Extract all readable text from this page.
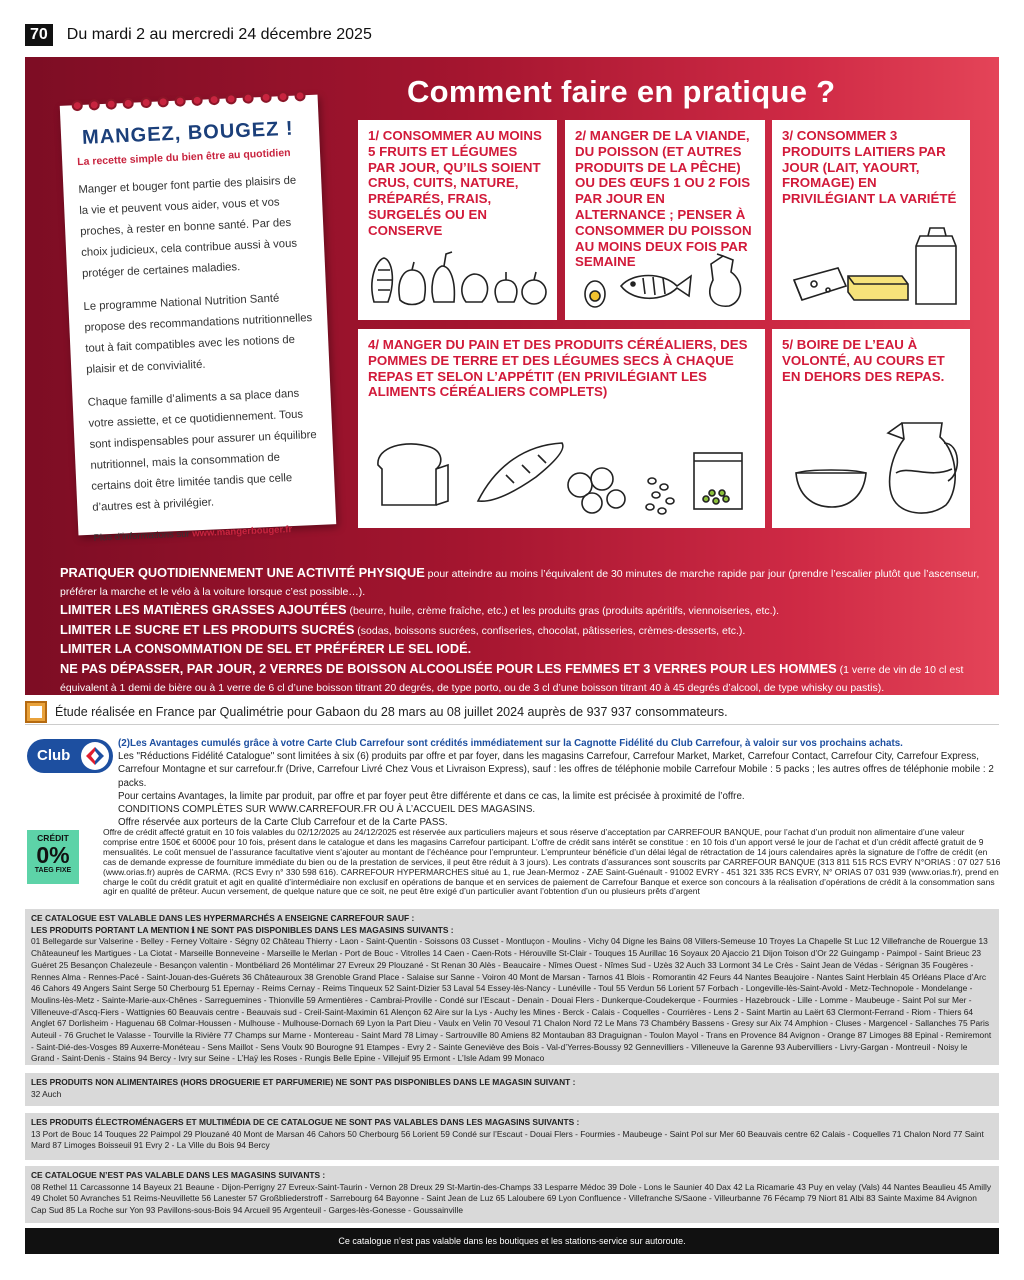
70	Du mardi 2 au mercredi 24 décembre 2025
Comment faire en pratique ?
MANGEZ, BOUGEZ !
La recette simple du bien être au quotidien

Manger et bouger font partie des plaisirs de la vie et peuvent vous aider, vous et vos proches, à rester en bonne santé. Par des choix judicieux, cela contribue aussi à vous protéger de certaines maladies.

Le programme National Nutrition Santé propose des recommandations nutritionnelles tout à fait compatibles avec les notions de plaisir et de convivialité.

Chaque famille d’aliments a sa place dans votre assiette, et ce quotidiennement. Tous sont indispensables pour assurer un équilibre nutritionnel, mais la consommation de certains doit être limitée tandis que celle d’autres est à privilégier.

Plus d’informations sur www.mangerbouger.fr

1/ CONSOMMER AU MOINS 5 FRUITS ET LÉGUMES PAR JOUR, QU’ILS SOIENT CRUS, CUITS, NATURE, PRÉPARÉS, FRAIS, SURGELÉS OU EN CONSERVE
2/ MANGER DE LA VIANDE, DU POISSON (ET AUTRES PRODUITS DE LA PÊCHE) OU DES ŒUFS 1 OU 2 FOIS PAR JOUR EN ALTERNANCE ; PENSER À CONSOMMER DU POISSON AU MOINS DEUX FOIS PAR SEMAINE
3/ CONSOMMER 3 PRODUITS LAITIERS PAR JOUR (LAIT, YAOURT, FROMAGE) EN PRIVILÉGIANT LA VARIÉTÉ
4/ MANGER DU PAIN ET DES PRODUITS CÉRÉALIERS, DES POMMES DE TERRE ET DES LÉGUMES SECS À CHAQUE REPAS ET SELON L’APPÉTIT (EN PRIVILÉGIANT LES ALIMENTS CÉRÉALIERS COMPLETS)
5/ BOIRE DE L’EAU À VOLONTÉ, AU COURS ET EN DEHORS DES REPAS.
PRATIQUER QUOTIDIENNEMENT UNE ACTIVITÉ PHYSIQUE pour atteindre au moins l’équivalent de 30 minutes de marche rapide par jour (prendre l’escalier plutôt que l’ascenseur, préférer la marche et le vélo à la voiture lorsque c’est possible…).
LIMITER LES MATIÈRES GRASSES AJOUTÉES (beurre, huile, crème fraîche, etc.) et les produits gras (produits apéritifs, viennoiseries, etc.).
LIMITER LE SUCRE ET LES PRODUITS SUCRÉS (sodas, boissons sucrées, confiseries, chocolat, pâtisseries, crèmes-desserts, etc.).
LIMITER LA CONSOMMATION DE SEL ET PRÉFÉRER LE SEL IODÉ.
NE PAS DÉPASSER, PAR JOUR, 2 VERRES DE BOISSON ALCOOLISÉE POUR LES FEMMES ET 3 VERRES POUR LES HOMMES (1 verre de vin de 10 cl est équivalent à 1 demi de bière ou à 1 verre de 6 cl d’une boisson titrant 20 degrés, de type porto, ou de 3 cl d’une boisson titrant 40 à 45 degrés d’alcool, de type whisky ou pastis).
Étude réalisée en France par Qualimétrie pour Gabaon du 28 mars au 08 juillet 2024 auprès de 937 937 consommateurs.
Club
(2)Les Avantages cumulés grâce à votre Carte Club Carrefour sont crédités immédiatement sur la Cagnotte Fidélité du Club Carrefour, à valoir sur vos prochains achats.
Les "Réductions Fidélité Catalogue" sont limitées à six (6) produits par offre et par foyer, dans les magasins Carrefour, Carrefour Market, Market, Carrefour Contact, Carrefour City, Carrefour Express, Carrefour Montagne et sur carrefour.fr (Drive, Carrefour Livré Chez Vous et Livraison Express), sauf : les offres de téléphonie mobile Carrefour Mobile : 5 packs ; les autres offres de téléphonie mobile : 2 packs.
Pour certains Avantages, la limite par produit, par offre et par foyer peut être différente et dans ce cas, la limite est précisée à proximité de l’offre.
CONDITIONS COMPLÈTES SUR WWW.CARREFOUR.FR OU À L’ACCUEIL DES MAGASINS.
Offre réservée aux porteurs de la Carte Club Carrefour et de la Carte PASS.
CRÉDIT
0%
TAEG FIXE
Offre de crédit affecté gratuit en 10 fois valables du 02/12/2025 au 24/12/2025 est réservée aux particuliers majeurs et sous réserve d’acceptation par CARREFOUR BANQUE, pour l’achat d’un produit non alimentaire d’une valeur comprise entre 150€ et 6000€ pour 10 fois, présent dans le catalogue et dans les magasins Carrefour participant. L’offre de crédit sans intérêt se constitue : en 10 fois d’un apport versé le jour de l’achat et d’un crédit affecté gratuit de 9 mensualités. Le coût mensuel de l’assurance facultative vient s’ajouter au montant de l’échéance pour l’emprunteur. L’emprunteur bénéficie d’un délai légal de rétractation de 14 jours calendaires après la signature de l’offre de crédit (en cas de demande expresse de fourniture immédiate du bien ou de la prestation de services, il peut être réduit à 3 jours). Les contrats d’assurances sont souscrits par CARREFOUR BANQUE (313 811 515 RCS EVRY N°ORIAS : 07 027 516 (www.orias.fr) auprès de CARMA. (RCS Evry n° 330 598 616). CARREFOUR HYPERMARCHES situé au 1, rue Jean-Mermoz - ZAE Saint-Guénault - 91002 EVRY - 451 321 335 RCS EVRY, N° ORIAS 07 031 939 (www.orias.fr), prend en charge le coût du crédit gratuit et agit en qualité d’intermédiaire non exclusif en opérations de banque et en services de paiement de Carrefour Banque et exerce son concours à la réalisation d’opérations de crédit à la consommation sans agir en qualité de prêteur. Aucun versement, de quelque nature que ce soit, ne peut être exigé d’un particulier avant l’obtention d’un ou plusieurs prêts d’argent
CE CATALOGUE EST VALABLE DANS LES HYPERMARCHÉS A ENSEIGNE CARREFOUR SAUF :
LES PRODUITS PORTANT LA MENTION ℹ NE SONT PAS DISPONIBLES DANS LES MAGASINS SUIVANTS :
01 Bellegarde sur Valserine - Belley - Ferney Voltaire - Ségny 02 Château Thierry - Laon - Saint-Quentin - Soissons 03 Cusset - Montluçon - Moulins - Vichy 04 Digne les Bains 08 Villers-Semeuse 10 Troyes La Chapelle St Luc 12 Villefranche de Rouergue 13 Châteauneuf les Martigues - La Ciotat - Marseille Bonneveine - Marseille le Merlan - Port de Bouc - Vitrolles 14 Caen - Caen-Rots - Hérouville St-Clair - Touques 15 Aurillac 16 Soyaux 20 Ajaccio 21 Dijon Toison d’Or 22 Guingamp - Paimpol - Saint Brieuc 23 Guéret 25 Besançon Chalezeule - Besançon valentin - Montbéliard 26 Montélimar 27 Evreux 29 Plouzané - St Renan 30 Alès - Beaucaire - Nîmes Ouest - Nîmes Sud - Uzès 32 Auch 33 Lormont 34 Le Crès - Saint Jean de Védas - Sérignan 35 Fougères - Rennes Alma - Rennes-Pacé - Saint-Jouan-des-Guérets 36 Châteauroux 38 Grenoble Grand Place - Salaise sur Sanne - Voiron 40 Mont de Marsan - Tarnos 41 Blois - Romorantin 42 Feurs 44 Nantes Beaujoire - Nantes Saint Herblain 45 Orléans Place d’Arc 46 Cahors 49 Angers Saint Serge 50 Cherbourg 51 Epernay - Reims Cernay - Reims Tinqueux 52 Saint-Dizier 53 Laval 54 Essey-lès-Nancy - Lunéville - Toul 55 Verdun 56 Lorient 57 Forbach - Longeville-lès-Saint-Avold - Metz-Technopole - Mondelange - Moulins-lès-Metz - Sainte-Marie-aux-Chênes - Sarreguemines - Thionville 59 Armentières - Cambrai-Proville - Condé sur l’Escaut - Denain - Douai Flers - Dunkerque-Coudekerque - Fourmies - Hazebrouck - Lille - Lomme - Maubeuge - Saint Pol sur Mer - Villeneuve-d’Ascq-Fiers - Wattignies 60 Beauvais centre - Beauvais sud - Creil-Saint-Maximin 61 Alençon 62 Aire sur la Lys - Auchy les Mines - Berck - Calais - Coquelles - Courrières - Lens 2 - Saint Martin au Laërt 63 Clermont-Ferrand - Riom - Thiers 64 Anglet 67 Dorlisheim - Haguenau 68 Colmar-Houssen - Mulhouse - Mulhouse-Dornach 69 Lyon la Part Dieu - Vaulx en Velin 70 Vesoul 71 Chalon Nord 72 Le Mans 73 Chambéry Bassens - Gresy sur Aix 74 Amphion - Cluses - Margencel - Sallanches 75 Paris Auteuil - 76 Gruchet le Valasse - Tourville la Rivière 77 Champs sur Marne - Montereau - Saint Mard 78 Limay - Sartrouville 80 Amiens 82 Montauban 83 Draguignan - Toulon Mayol - Trans en Provence 84 Avignon - Orange 87 Limoges 88 Epinal - Remiremont - Saint-Dié-des-Vosges 89 Auxerre-Monéteau - Sens Maillot - Sens Voulx 90 Bourogne 91 Etampes - Evry 2 - Sainte Geneviève des Bois - Val-d’Yerres-Boussy 92 Gennevilliers - Villeneuve la Garenne 93 Aubervilliers - Livry-Gargan - Montreuil - Noisy le Grand - Saint-Denis - Stains 94 Bercy - Ivry sur Seine - L’Haÿ les Roses - Rungis Belle Epine - Villejuif 95 Ermont - L’Isle Adam 99 Monaco
LES PRODUITS NON ALIMENTAIRES (HORS DROGUERIE ET PARFUMERIE) NE SONT PAS DISPONIBLES DANS LE MAGASIN SUIVANT :
32 Auch
LES PRODUITS ÉLECTROMÉNAGERS ET MULTIMÉDIA DE CE CATALOGUE NE SONT PAS VALABLES DANS LES MAGASINS SUIVANTS :
13 Port de Bouc 14 Touques 22 Paimpol 29 Plouzané 40 Mont de Marsan 46 Cahors 50 Cherbourg 56 Lorient 59 Condé sur l’Escaut - Douai Flers - Fourmies - Maubeuge - Saint Pol sur Mer 60 Beauvais centre 62 Calais - Coquelles 71 Chalon Nord 77 Saint Mard 87 Limoges Boisseuil 91 Evry 2 - La Ville du Bois 94 Bercy
CE CATALOGUE N’EST PAS VALABLE DANS LES MAGASINS SUIVANTS :
08 Rethel 11 Carcassonne 14 Bayeux 21 Beaune - Dijon-Perrigny 27 Evreux-Saint-Taurin - Vernon 28 Dreux 29 St-Martin-des-Champs 33 Lesparre Médoc 39 Dole - Lons le Saunier 40 Dax 42 La Ricamarie 43 Puy en velay (Vals) 44 Nantes Beaulieu 45 Amilly 49 Cholet 50 Avranches 51 Reims-Neuvillette 56 Lanester 57 Großbliederstroff - Sarrebourg 64 Bayonne - Saint Jean de Luz 65 Laloubere 69 Lyon Confluence - Villefranche S/Saone - Villeurbanne 76 Fécamp 79 Niort 81 Albi 83 Sainte Maxime 84 Avignon Cap Sud 85 La Roche sur Yon 93 Pavillons-sous-Bois 94 Arcueil 95 Argenteuil - Garges-lès-Gonesse - Goussainville
Ce catalogue n’est pas valable dans les boutiques et les stations-service sur autoroute.
